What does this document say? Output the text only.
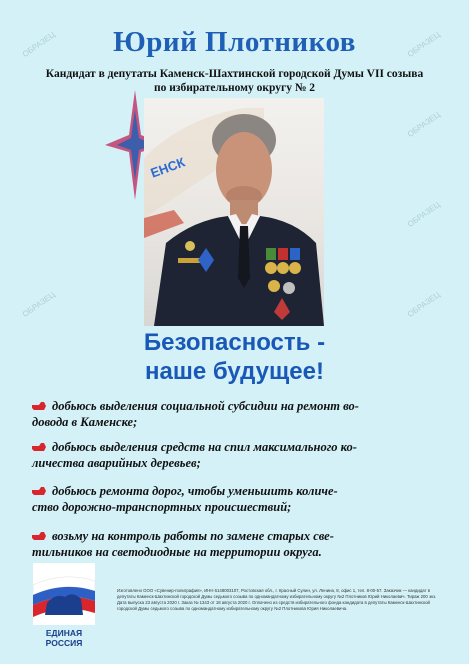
ОБРАЗЕЦ	ОБРАЗЕЦ
ОБРАЗЕЦ
ОБРАЗЕЦ
ОБРАЗЕЦ	ОБРАЗЕЦ
Юрий Плотников
Кандидат в депутаты Каменск-Шахтинской городской Думы VII созыва
по избирательному округу № 2
ЕНСК
Безопасность -
наше будущее!
добьюсь выделения социальной субсидии на ремонт во-
довода в Каменске;
добьюсь выделения средств на спил максимального ко-
личества аварийных деревьев;
добьюсь ремонта дорог, чтобы уменьшить количе-
ство дорожно-транспортных происшествий;
возьму на контроль работы по замене старых све-
тильников на светодиодные на территории округа.
ЕДИНАЯ
РОССИЯ
Изготовлено ООО «Сувенир-полиграфия», ИНН 6148003107, Ростовская обл., г. Красный Сулин, ул. Ленина, 8, офис 1, тел. 8-00-57. Заказчик — кандидат в депутаты Каменск-Шахтинской городской Думы седьмого созыва по одномандатному избирательному округу №2 Плотников Юрий Николаевич. Тираж 200 экз. Дата выпуска 23 августа 2020 г. Заказ № 1343 от 18 августа 2020 г. Оплачено из средств избирательного фонда кандидата в депутаты Каменск-Шахтинской городской Думы седьмого созыва по одномандатному избирательному округу №2 Плотникова Юрия Николаевича.
